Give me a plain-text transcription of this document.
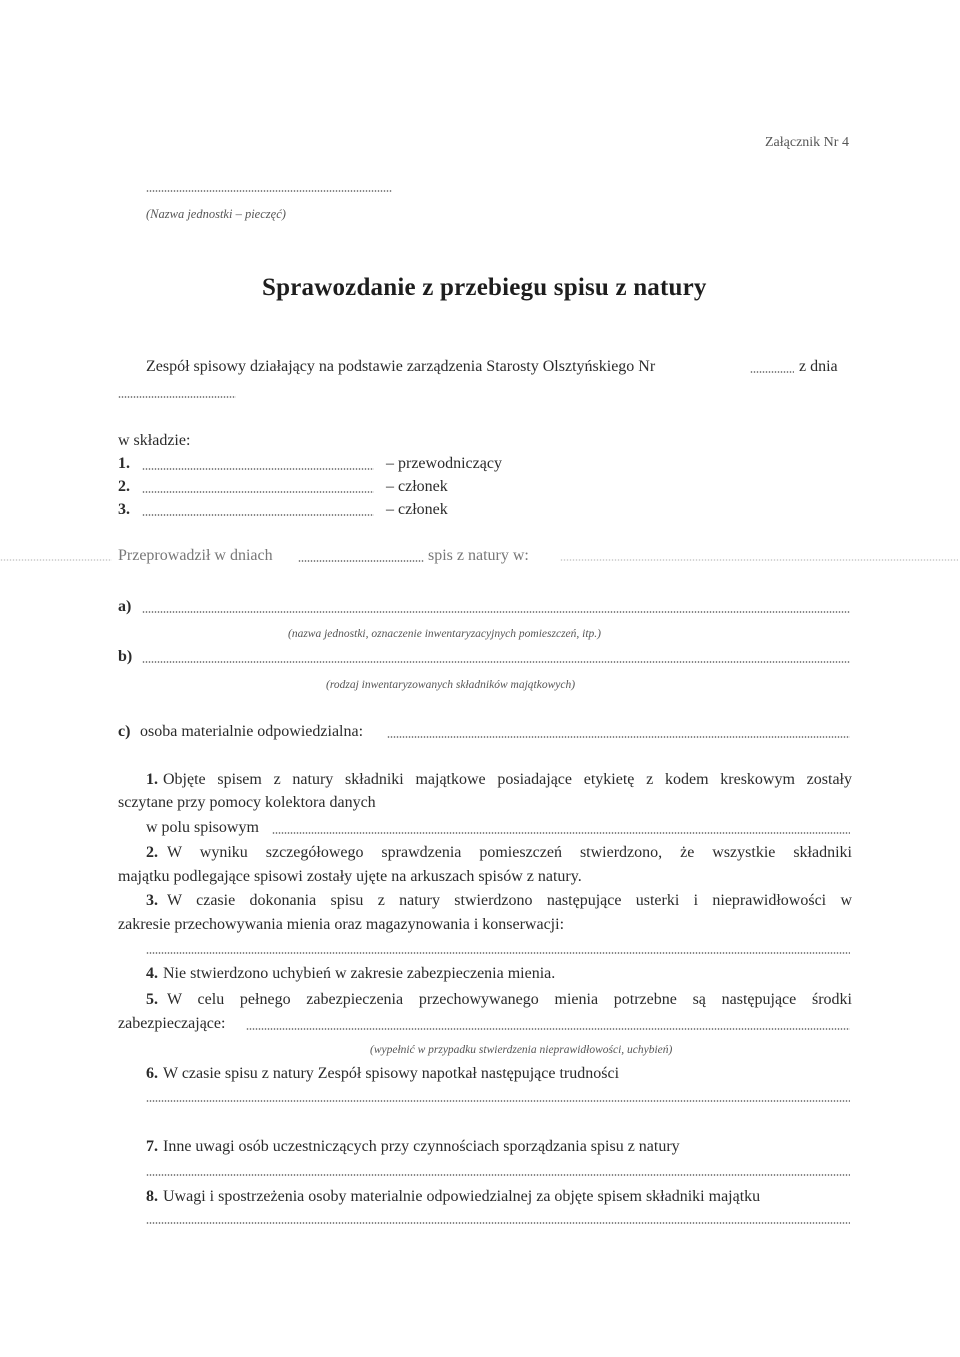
Załącznik Nr 4
(Nazwa jednostki – pieczęć)
Sprawozdanie z przebiegu spisu z natury
Zespół spisowy działający na podstawie zarządzenia Starosty Olsztyńskiego Nr	z dnia
w składzie:
1.	– przewodniczący
2.	– członek
3.	– członek
Przeprowadził w dniach	spis z natury w:
a)
(nazwa jednostki, oznaczenie inwentaryzacyjnych pomieszczeń, itp.)
b)
(rodzaj inwentaryzowanych składników majątkowych)
c) osoba materialnie odpowiedzialna:
1. Objęte spisem z natury składniki majątkowe posiadające etykietę z kodem kreskowym zostały
sczytane przy pomocy kolektora danych
w polu spisowym
2. W wyniku szczegółowego sprawdzenia pomieszczeń stwierdzono, że wszystkie składniki
majątku podlegające spisowi zostały ujęte na arkuszach spisów z natury.
3. W czasie dokonania spisu z natury stwierdzono następujące usterki i nieprawidłowości w
zakresie przechowywania mienia oraz magazynowania i konserwacji:
4. Nie stwierdzono uchybień w zakresie zabezpieczenia mienia.
5. W celu pełnego zabezpieczenia przechowywanego mienia potrzebne są następujące środki
zabezpieczające:
(wypełnić w przypadku stwierdzenia nieprawidłowości, uchybień)
6. W czasie spisu z natury Zespół spisowy napotkał następujące trudności
7. Inne uwagi osób uczestniczących przy czynnościach sporządzania spisu z natury
8. Uwagi i spostrzeżenia osoby materialnie odpowiedzialnej za objęte spisem składniki majątku
